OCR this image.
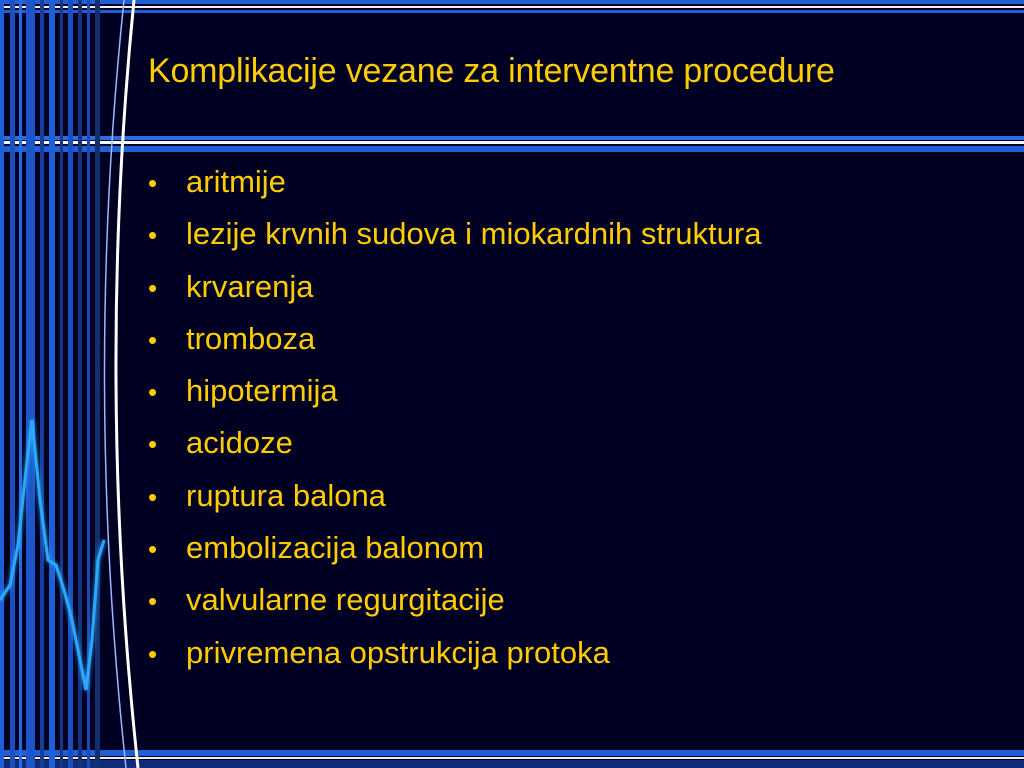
Komplikacije vezane za interventne procedure
• aritmije
• lezije krvnih sudova i miokardnih struktura
• krvarenja
• tromboza
• hipotermija
• acidoze
• ruptura balona
• embolizacija balonom
• valvularne regurgitacije
• privremena opstrukcija protoka
